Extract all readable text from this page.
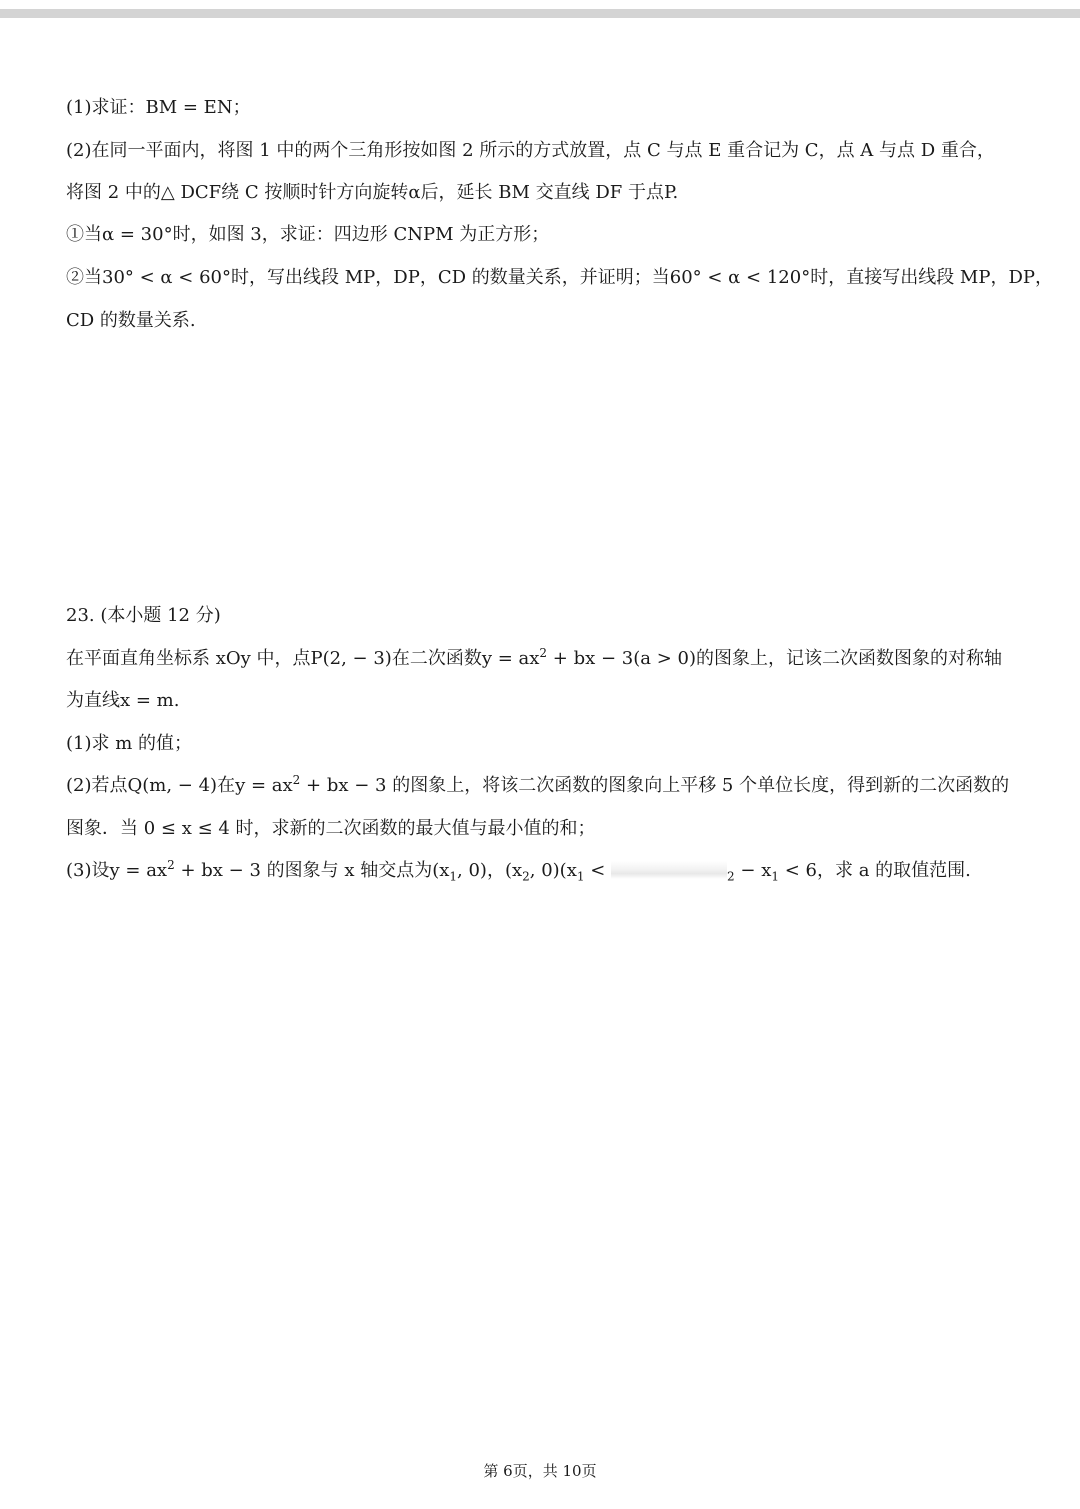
(1)求证：BM = EN；
(2)在同一平面内，将图 1 中的两个三角形按如图 2 所示的方式放置，点 C 与点 E 重合记为 C，点 A 与点 D 重合，
将图 2 中的△ DCF绕 C 按顺时针方向旋转α后，延长 BM 交直线 DF 于点P.
①当α = 30°时，如图 3，求证：四边形 CNPM 为正方形；
②当30° < α < 60°时，写出线段 MP，DP，CD 的数量关系，并证明；当60° < α < 120°时，直接写出线段 MP，DP，
CD 的数量关系.
23. (本小题 12 分)
在平面直角坐标系 xOy 中，点P(2, − 3)在二次函数$y = ax^2$ + bx − 3(a > 0)的图象上，记该二次函数图象的对称轴
为直线x = m.
(1)求 m 的值；
(2)若点Q(m, − 4)在$y = ax^2$ + bx − 3 的图象上，将该二次函数的图象向上平移 5 个单位长度，得到新的二次函数的
图象．当 0 ≤ x ≤ 4 时，求新的二次函数的最大值与最小值的和；
(3)设$y = ax^2$ + bx − 3 的图象与 x 轴交点为($x_1$, 0)，($x_2$, $0)(x_1$ <	$_2 - x_1 < 6$，求 a 的取值范围.
第 6页，共 10页
